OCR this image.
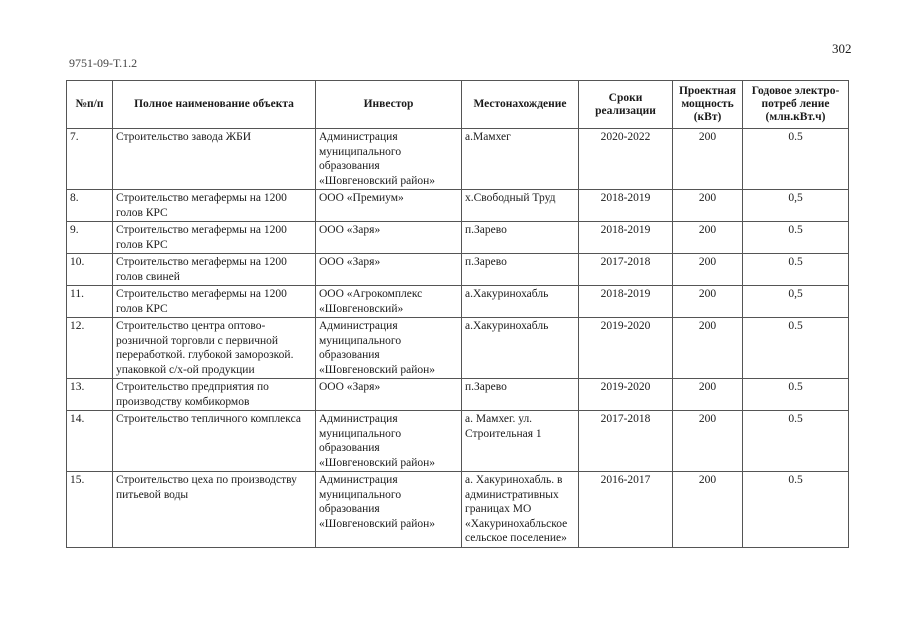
302
9751-09-Т.1.2
№п/п	Полное наименование объекта	Инвестор	Местонахождение	Сроки реализации	Проектная мощность (кВт)	Годовое электро-потреб ление (млн.кВт.ч)
7.	Строительство завода ЖБИ	Администрация муниципального образования «Шовгеновский район»	а.Мамхег	2020-2022	200	0.5
8.	Строительство мегафермы на 1200 голов КРС	ООО «Премиум»	х.Свободный Труд	2018-2019	200	0,5
9.	Строительство мегафермы на 1200 голов КРС	ООО «Заря»	п.Зарево	2018-2019	200	0.5
10.	Строительство мегафермы на 1200 голов свиней	ООО «Заря»	п.Зарево	2017-2018	200	0.5
11.	Строительство мегафермы на 1200 голов КРС	ООО «Агрокомплекс «Шовгеновский»	а.Хакуринохабль	2018-2019	200	0,5
12.	Строительство центра оптово-розничной торговли с первичной переработкой. глубокой заморозкой. упаковкой с/х-ой продукции	Администрация муниципального образования «Шовгеновский район»	а.Хакуринохабль	2019-2020	200	0.5
13.	Строительство предприятия по производству комбикормов	ООО «Заря»	п.Зарево	2019-2020	200	0.5
14.	Строительство тепличного комплекса	Администрация муниципального образования «Шовгеновский район»	а. Мамхег. ул. Строительная 1	2017-2018	200	0.5
15.	Строительство цеха по производству питьевой воды	Администрация муниципального образования «Шовгеновский район»	а. Хакуринохабль. в административных границах МО «Хакуринохабльское сельское поселение»	2016-2017	200	0.5
